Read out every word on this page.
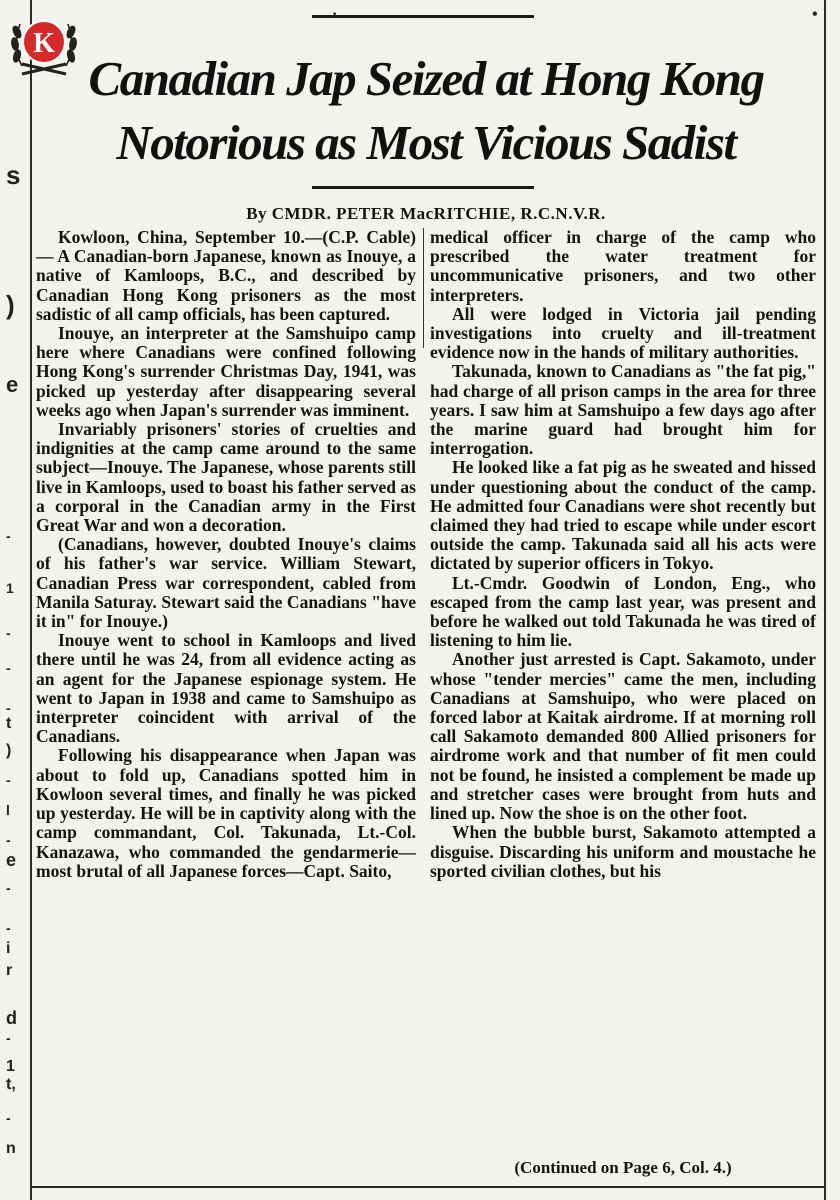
·	•
K
s
)
e
-
1
-
-
-
t
)
-
l
-
e
-
-
i
r
d
-
1
t,
-
n
Canadian Jap Seized at Hong Kong
Notorious as Most Vicious Sadist
By CMDR. PETER MacRITCHIE, R.C.N.V.R.

Kowloon, China, September 10.—(C.P. Cable) — A Canadian-born Japanese, known as Inouye, a native of Kamloops, B.C., and described by Canadian Hong Kong prisoners as the most sadistic of all camp officials, has been captured.

Inouye, an interpreter at the Samshuipo camp here where Canadians were confined following Hong Kong's surrender Christmas Day, 1941, was picked up yesterday after disappearing several weeks ago when Japan's surrender was imminent.

Invariably prisoners' stories of cruelties and indignities at the camp came around to the same subject—Inouye. The Japanese, whose parents still live in Kamloops, used to boast his father served as a corporal in the Canadian army in the First Great War and won a decoration.

(Canadians, however, doubted Inouye's claims of his father's war service. William Stewart, Canadian Press war correspondent, cabled from Manila Saturay. Stewart said the Canadians "have it in" for Inouye.)

Inouye went to school in Kamloops and lived there until he was 24, from all evidence acting as an agent for the Japanese espionage system. He went to Japan in 1938 and came to Samshuipo as interpreter coincident with arrival of the Canadians.

Following his disappearance when Japan was about to fold up, Canadians spotted him in Kowloon several times, and finally he was picked up yesterday. He will be in captivity along with the camp commandant, Col. Takunada, Lt.-Col. Kanazawa, who commanded the gendarmerie—most brutal of all Japanese forces—Capt. Saito,

medical officer in charge of the camp who prescribed the water treatment for uncommunicative prisoners, and two other interpreters.

All were lodged in Victoria jail pending investigations into cruelty and ill-treatment evidence now in the hands of military authorities.

Takunada, known to Canadians as "the fat pig," had charge of all prison camps in the area for three years. I saw him at Samshuipo a few days ago after the marine guard had brought him for interrogation.

He looked like a fat pig as he sweated and hissed under questioning about the conduct of the camp. He admitted four Canadians were shot recently but claimed they had tried to escape while under escort outside the camp. Takunada said all his acts were dictated by superior officers in Tokyo.

Lt.-Cmdr. Goodwin of London, Eng., who escaped from the camp last year, was present and before he walked out told Takunada he was tired of listening to him lie.

Another just arrested is Capt. Sakamoto, under whose "tender mercies" came the men, including Canadians at Samshuipo, who were placed on forced labor at Kaitak airdrome. If at morning roll call Sakamoto demanded 800 Allied prisoners for airdrome work and that number of fit men could not be found, he insisted a complement be made up and stretcher cases were brought from huts and lined up. Now the shoe is on the other foot.

When the bubble burst, Sakamoto attempted a disguise. Discarding his uniform and moustache he sported civilian clothes, but his

(Continued on Page 6, Col. 4.)
